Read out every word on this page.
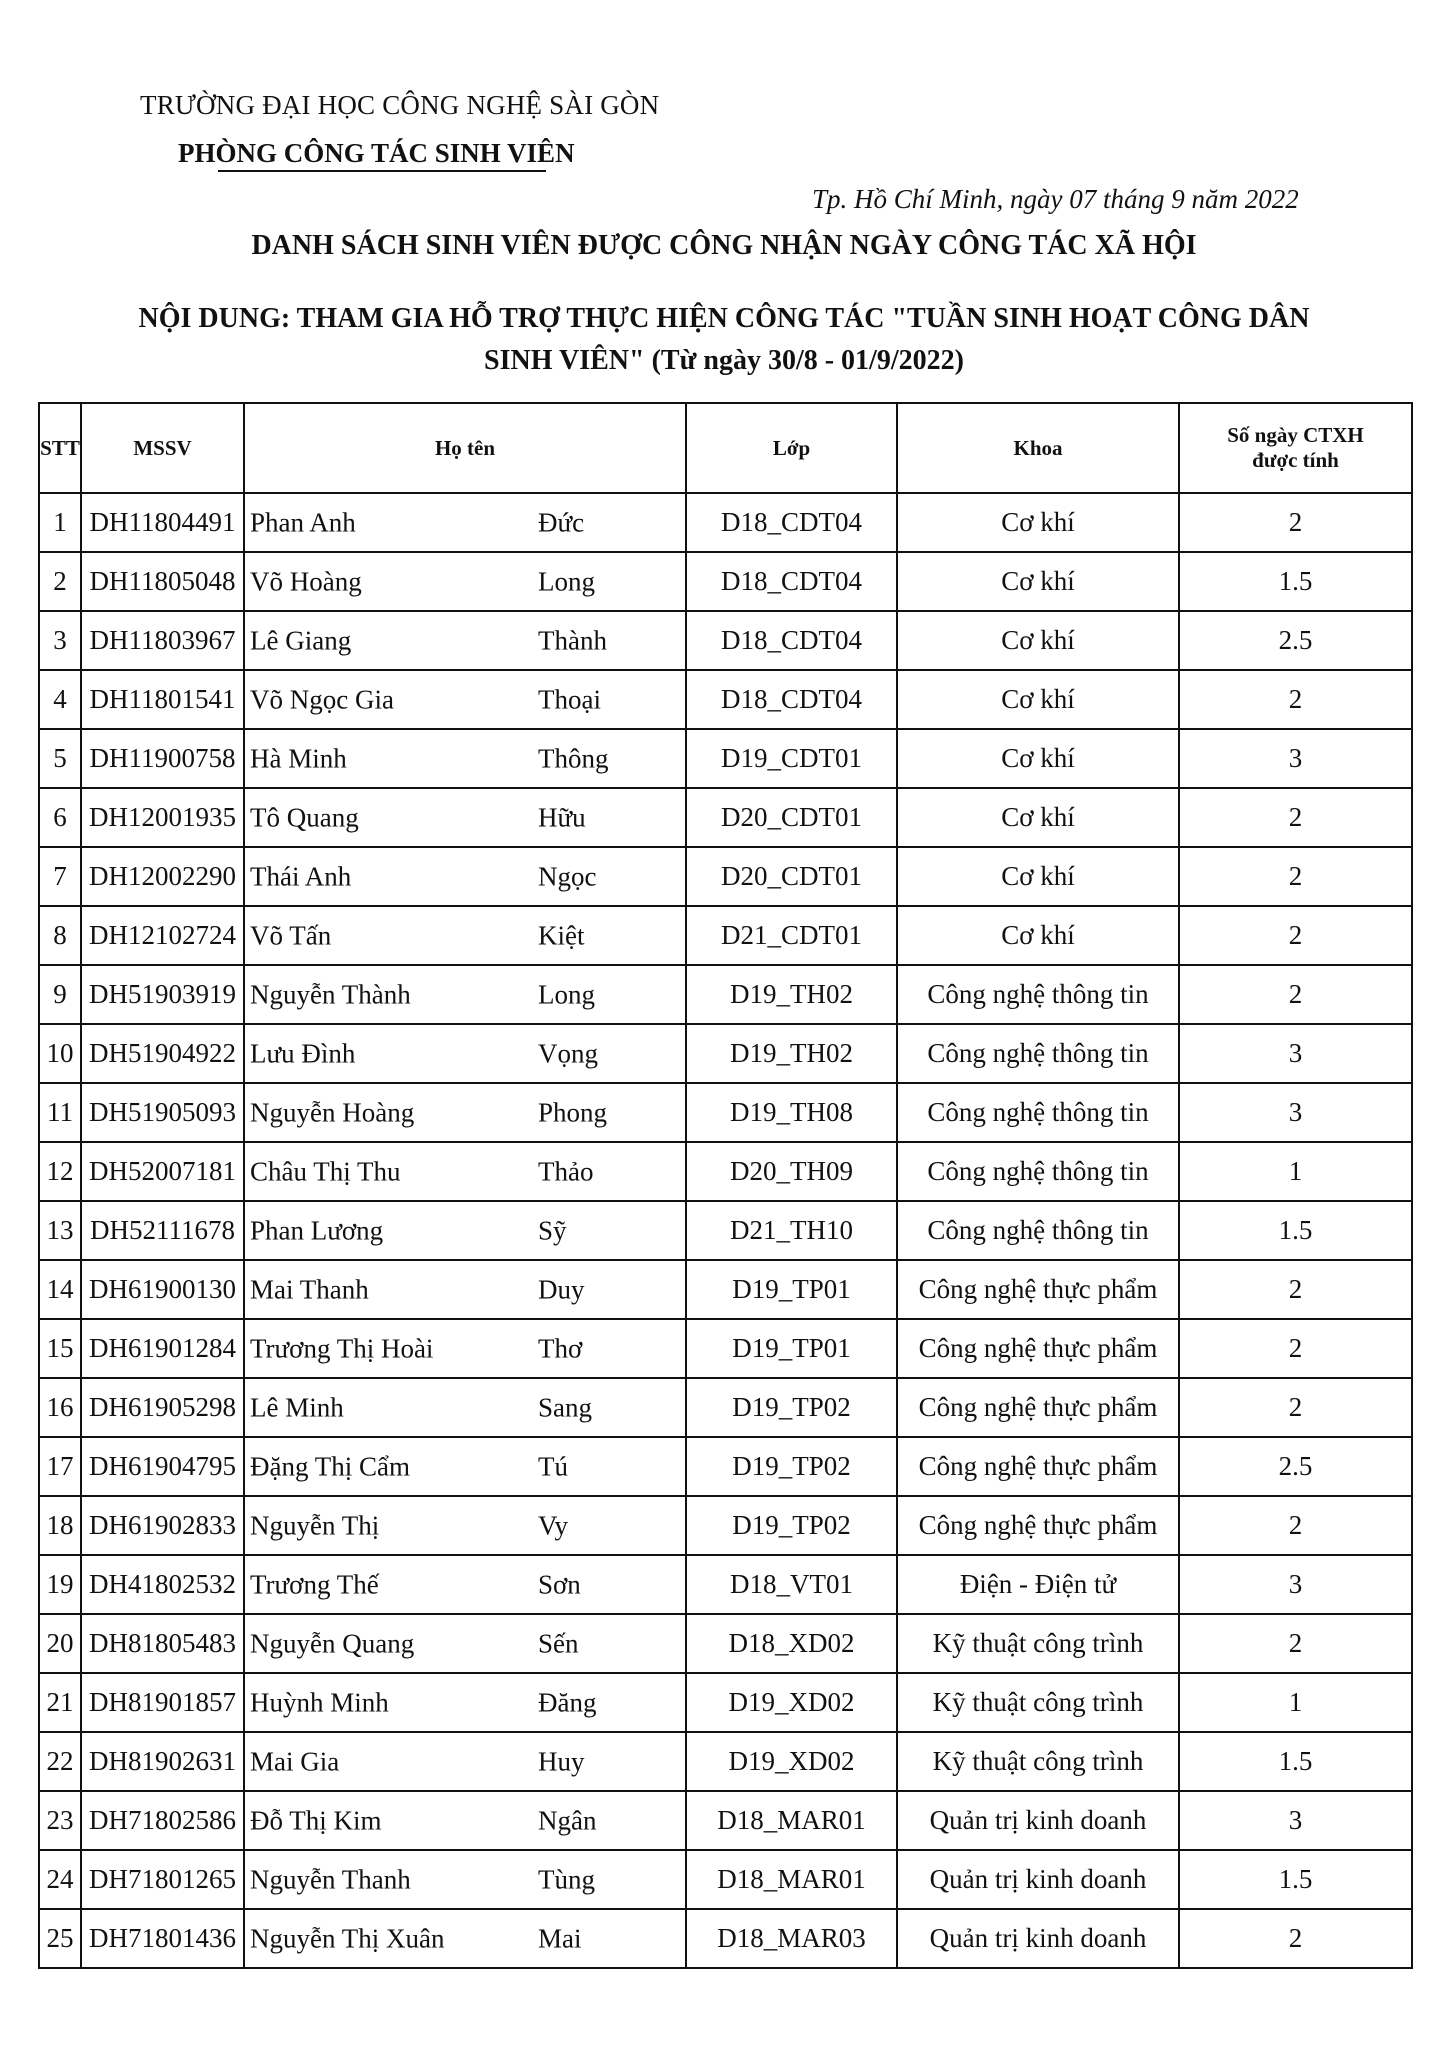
TRƯỜNG ĐẠI HỌC CÔNG NGHỆ SÀI GÒN
PHÒNG CÔNG TÁC SINH VIÊN
Tp. Hồ Chí Minh, ngày 07 tháng 9 năm 2022
DANH SÁCH SINH VIÊN ĐƯỢC CÔNG NHẬN NGÀY CÔNG TÁC XÃ HỘI
NỘI DUNG: THAM GIA HỖ TRỢ THỰC HIỆN CÔNG TÁC "TUẦN SINH HOẠT CÔNG DÂN
SINH VIÊN" (Từ ngày 30/8 - 01/9/2022)
STT	MSSV	Họ tên	Lớp	Khoa	Số ngày CTXH
được tính

1	DH11804491	Phan Anh Đức	D18_CDT04	Cơ khí	2
2	DH11805048	Võ Hoàng Long	D18_CDT04	Cơ khí	1.5
3	DH11803967	Lê Giang Thành	D18_CDT04	Cơ khí	2.5
4	DH11801541	Võ Ngọc Gia Thoại	D18_CDT04	Cơ khí	2
5	DH11900758	Hà Minh Thông	D19_CDT01	Cơ khí	3
6	DH12001935	Tô Quang Hữu	D20_CDT01	Cơ khí	2
7	DH12002290	Thái Anh Ngọc	D20_CDT01	Cơ khí	2
8	DH12102724	Võ Tấn Kiệt	D21_CDT01	Cơ khí	2
9	DH51903919	Nguyễn Thành Long	D19_TH02	Công nghệ thông tin	2
10	DH51904922	Lưu Đình Vọng	D19_TH02	Công nghệ thông tin	3
11	DH51905093	Nguyễn Hoàng Phong	D19_TH08	Công nghệ thông tin	3
12	DH52007181	Châu Thị Thu Thảo	D20_TH09	Công nghệ thông tin	1
13	DH52111678	Phan Lương Sỹ	D21_TH10	Công nghệ thông tin	1.5
14	DH61900130	Mai Thanh Duy	D19_TP01	Công nghệ thực phẩm	2
15	DH61901284	Trương Thị Hoài Thơ	D19_TP01	Công nghệ thực phẩm	2
16	DH61905298	Lê Minh Sang	D19_TP02	Công nghệ thực phẩm	2
17	DH61904795	Đặng Thị Cẩm Tú	D19_TP02	Công nghệ thực phẩm	2.5
18	DH61902833	Nguyễn Thị Vy	D19_TP02	Công nghệ thực phẩm	2
19	DH41802532	Trương Thế Sơn	D18_VT01	Điện - Điện tử	3
20	DH81805483	Nguyễn Quang Sến	D18_XD02	Kỹ thuật công trình	2
21	DH81901857	Huỳnh Minh Đăng	D19_XD02	Kỹ thuật công trình	1
22	DH81902631	Mai Gia Huy	D19_XD02	Kỹ thuật công trình	1.5
23	DH71802586	Đỗ Thị Kim Ngân	D18_MAR01	Quản trị kinh doanh	3
24	DH71801265	Nguyễn Thanh Tùng	D18_MAR01	Quản trị kinh doanh	1.5
25	DH71801436	Nguyễn Thị Xuân Mai	D18_MAR03	Quản trị kinh doanh	2
